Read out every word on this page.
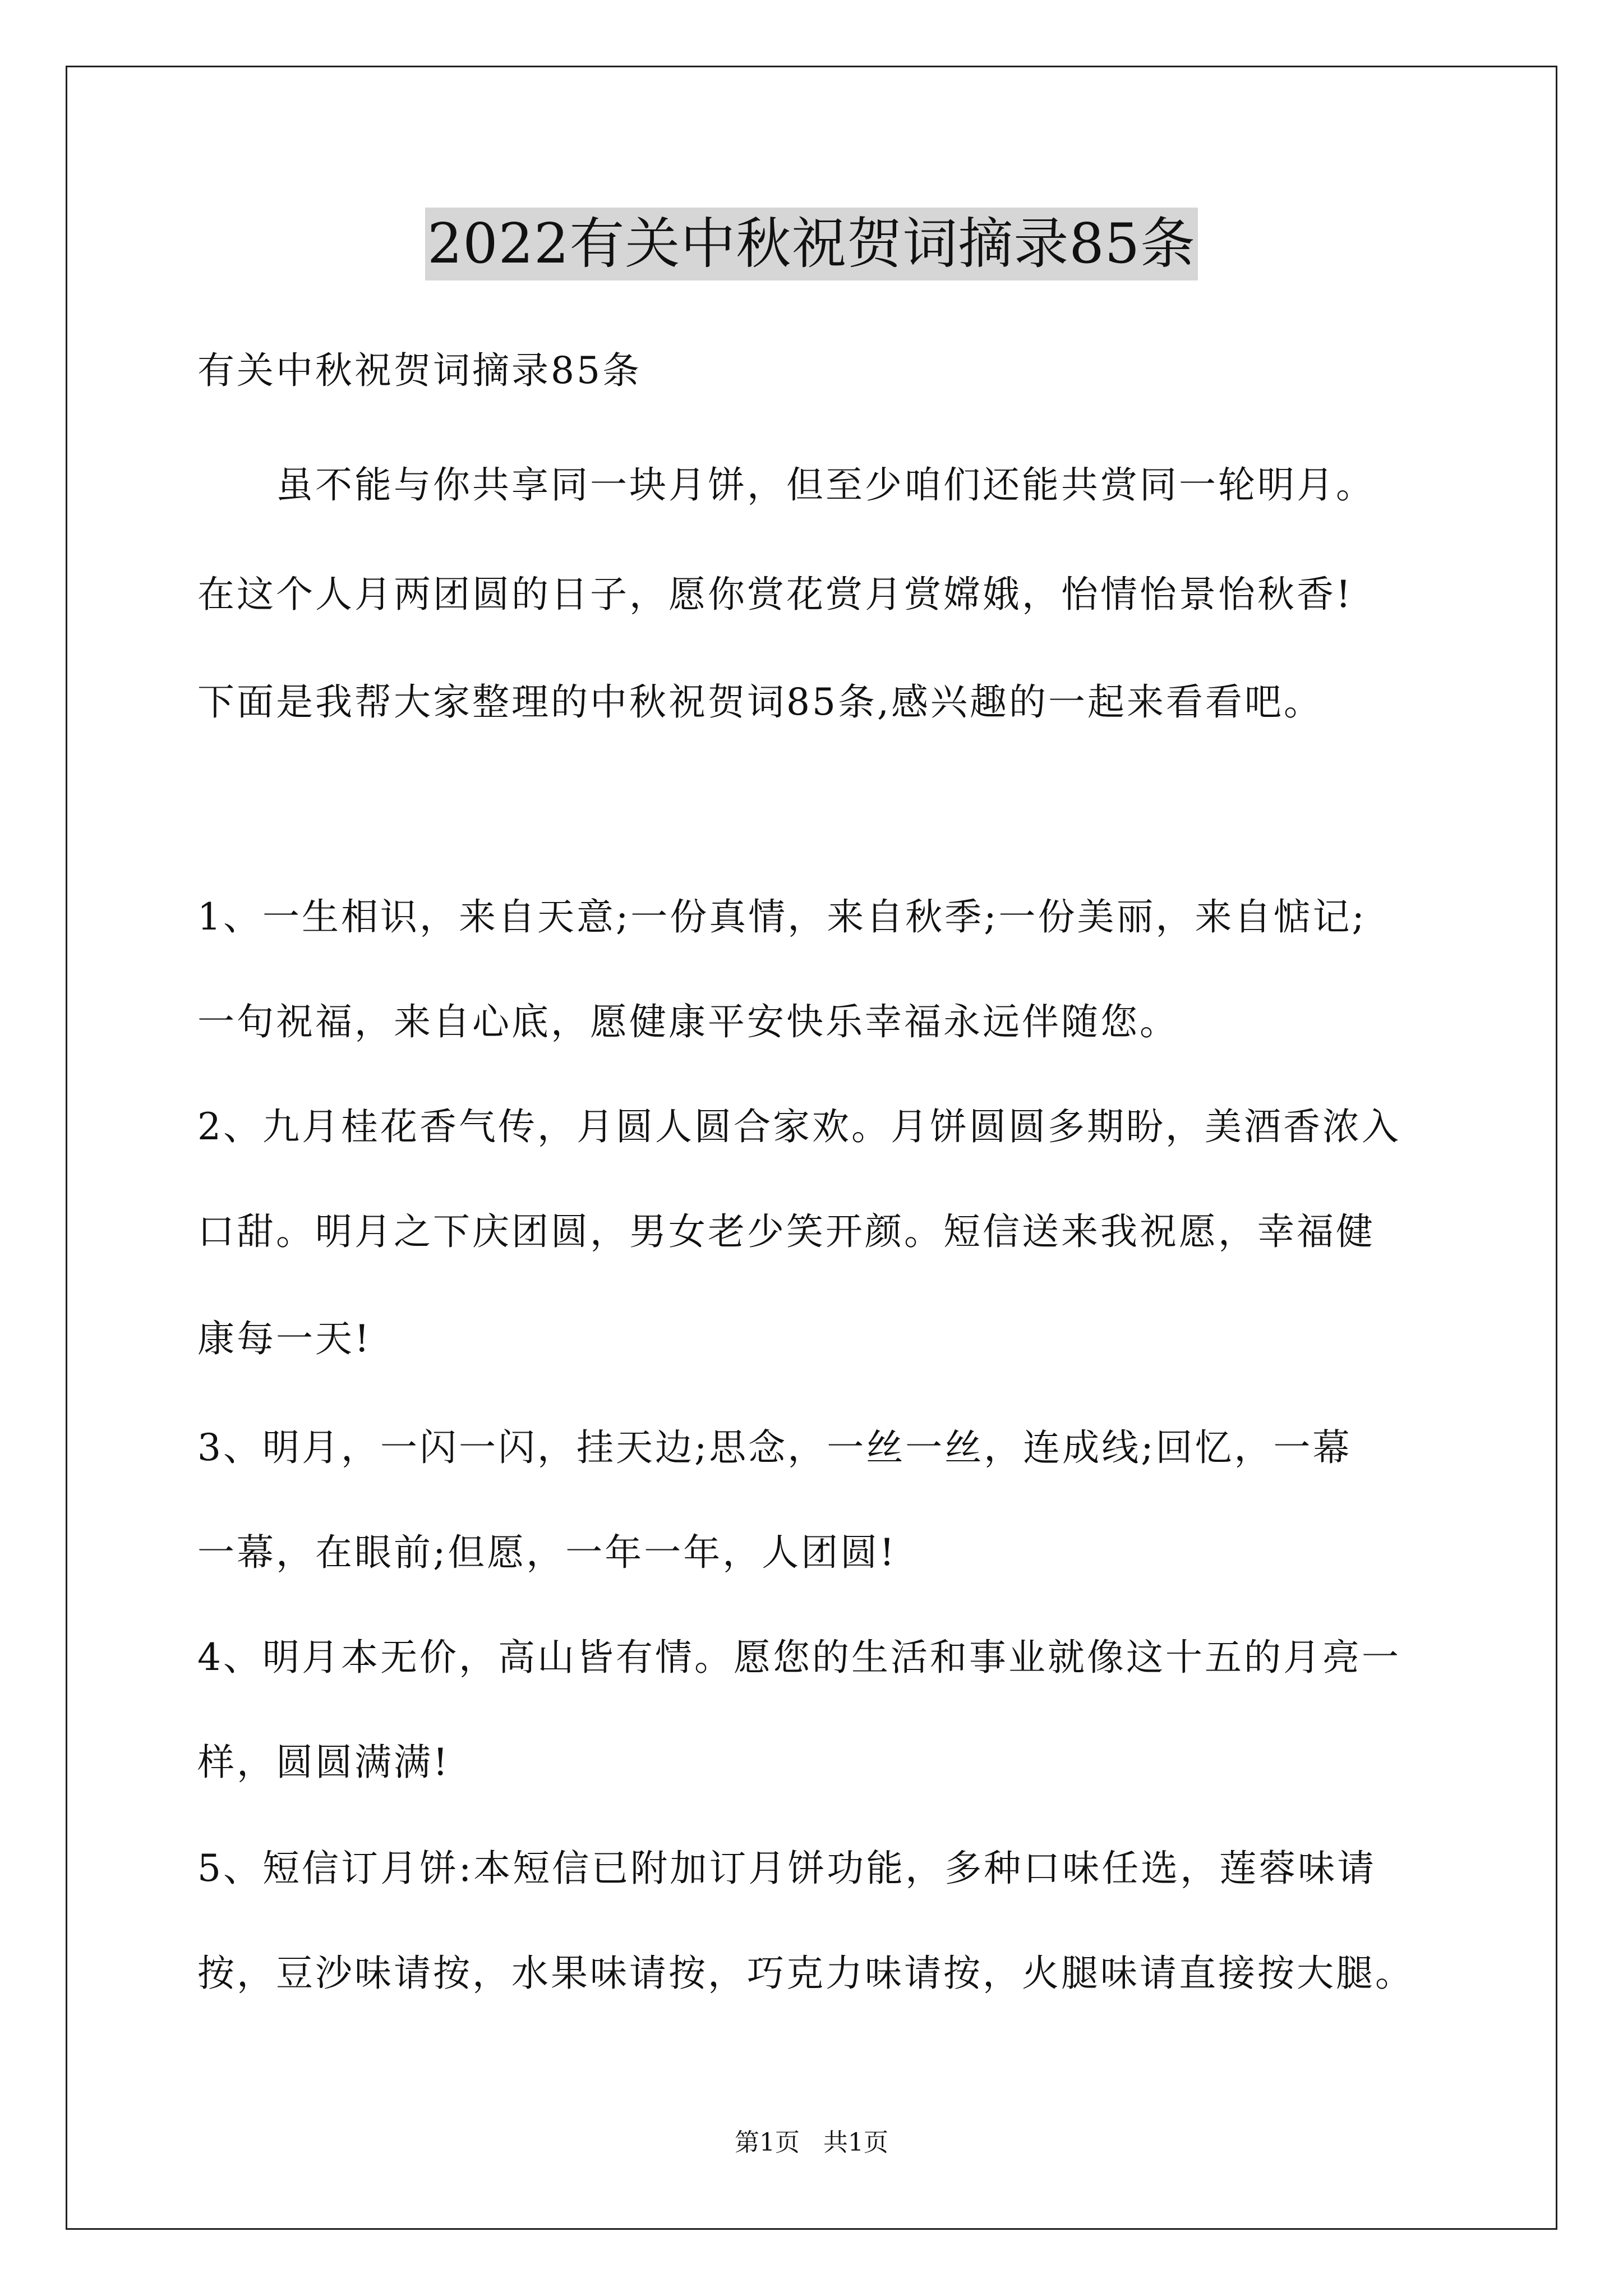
2022有关中秋祝贺词摘录85条
有关中秋祝贺词摘录85条
　　虽不能与你共享同一块月饼，但至少咱们还能共赏同一轮明月。
在这个人月两团圆的日子，愿你赏花赏月赏嫦娥，怡情怡景怡秋香!
下面是我帮大家整理的中秋祝贺词85条,感兴趣的一起来看看吧。
1、一生相识，来自天意;一份真情，来自秋季;一份美丽，来自惦记;
一句祝福，来自心底，愿健康平安快乐幸福永远伴随您。
2、九月桂花香气传，月圆人圆合家欢。月饼圆圆多期盼，美酒香浓入
口甜。明月之下庆团圆，男女老少笑开颜。短信送来我祝愿，幸福健
康每一天!
3、明月，一闪一闪，挂天边;思念，一丝一丝，连成线;回忆，一幕
一幕，在眼前;但愿，一年一年，人团圆!
4、明月本无价，高山皆有情。愿您的生活和事业就像这十五的月亮一
样，圆圆满满!
5、短信订月饼:本短信已附加订月饼功能，多种口味任选，莲蓉味请
按，豆沙味请按，水果味请按，巧克力味请按，火腿味请直接按大腿。
第1页 共1页
